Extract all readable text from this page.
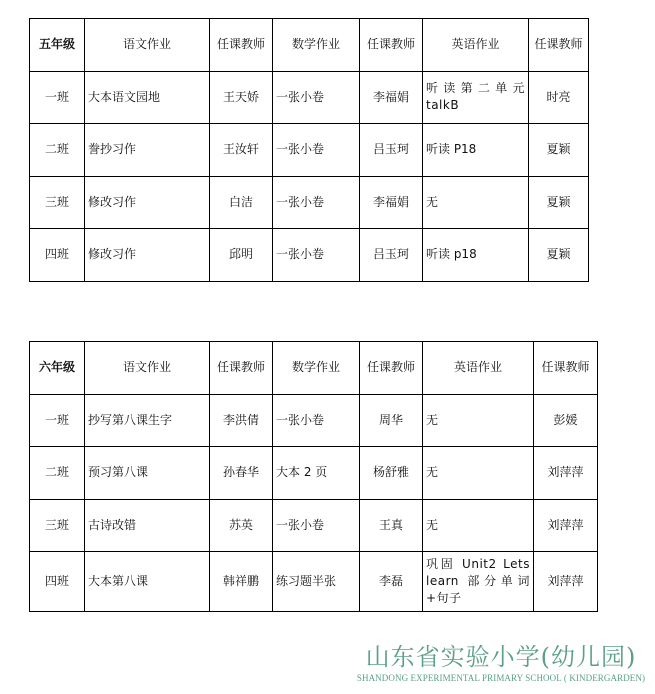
五年级	语文作业	任课教师	数学作业	任课教师	英语作业	任课教师
一班	大本语文园地	王天娇	一张小卷	李福娟	听读第二单元talkB	时亮
二班	誊抄习作	王汝轩	一张小卷	吕玉珂	听读 P18	夏颖
三班	修改习作	白洁	一张小卷	李福娟	无	夏颖
四班	修改习作	邱明	一张小卷	吕玉珂	听读 p18	夏颖
六年级	语文作业	任课教师	数学作业	任课教师	英语作业	任课教师
一班	抄写第八课生字	李洪倩	一张小卷	周华	无	彭媛
二班	预习第八课	孙春华	大本 2 页	杨舒雅	无	刘萍萍
三班	古诗改错	苏英	一张小卷	王真	无	刘萍萍
四班	大本第八课	韩祥鹏	练习题半张	李磊	巩固 Unit2 Lets learn 部分单词+句子	刘萍萍
山东省实验小学(幼儿园)
SHANDONG EXPERIMENTAL PRIMARY SCHOOL ( KINDERGARDEN)
